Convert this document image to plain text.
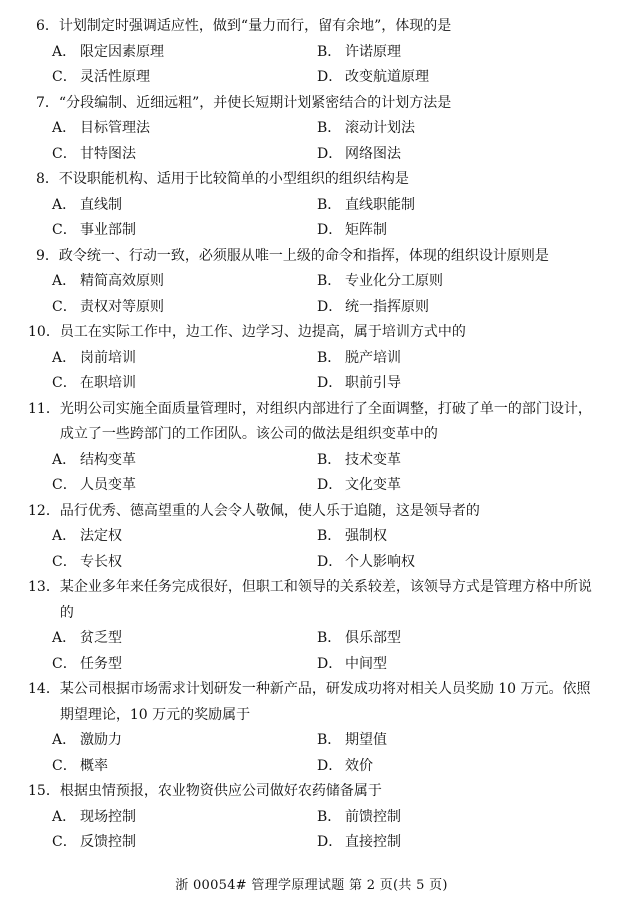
6． 计划制定时强调适应性，做到“量力而行，留有余地”，体现的是
A． 限定因素原理	B． 许诺原理
C． 灵活性原理	D． 改变航道原理
7． “分段编制、近细远粗”，并使长短期计划紧密结合的计划方法是
A． 目标管理法	B． 滚动计划法
C． 甘特图法	D． 网络图法
8． 不设职能机构、适用于比较简单的小型组织的组织结构是
A． 直线制	B． 直线职能制
C． 事业部制	D． 矩阵制
9． 政令统一、行动一致，必须服从唯一上级的命令和指挥，体现的组织设计原则是
A． 精简高效原则	B． 专业化分工原则
C． 责权对等原则	D． 统一指挥原则
10． 员工在实际工作中，边工作、边学习、边提高，属于培训方式中的
A． 岗前培训	B． 脱产培训
C． 在职培训	D． 职前引导
11． 光明公司实施全面质量管理时，对组织内部进行了全面调整，打破了单一的部门设计，成立了一些跨部门的工作团队。该公司的做法是组织变革中的
A． 结构变革	B． 技术变革
C． 人员变革	D． 文化变革
12． 品行优秀、德高望重的人会令人敬佩，使人乐于追随，这是领导者的
A． 法定权	B． 强制权
C． 专长权	D． 个人影响权
13． 某企业多年来任务完成很好，但职工和领导的关系较差，该领导方式是管理方格中所说的
A． 贫乏型	B． 俱乐部型
C． 任务型	D． 中间型
14． 某公司根据市场需求计划研发一种新产品，研发成功将对相关人员奖励 10 万元。依照期望理论，10 万元的奖励属于
A． 激励力	B． 期望值
C． 概率	D． 效价
15． 根据虫情预报，农业物资供应公司做好农药储备属于
A． 现场控制	B． 前馈控制
C． 反馈控制	D． 直接控制
浙 00054# 管理学原理试题 第 2 页(共 5 页)
